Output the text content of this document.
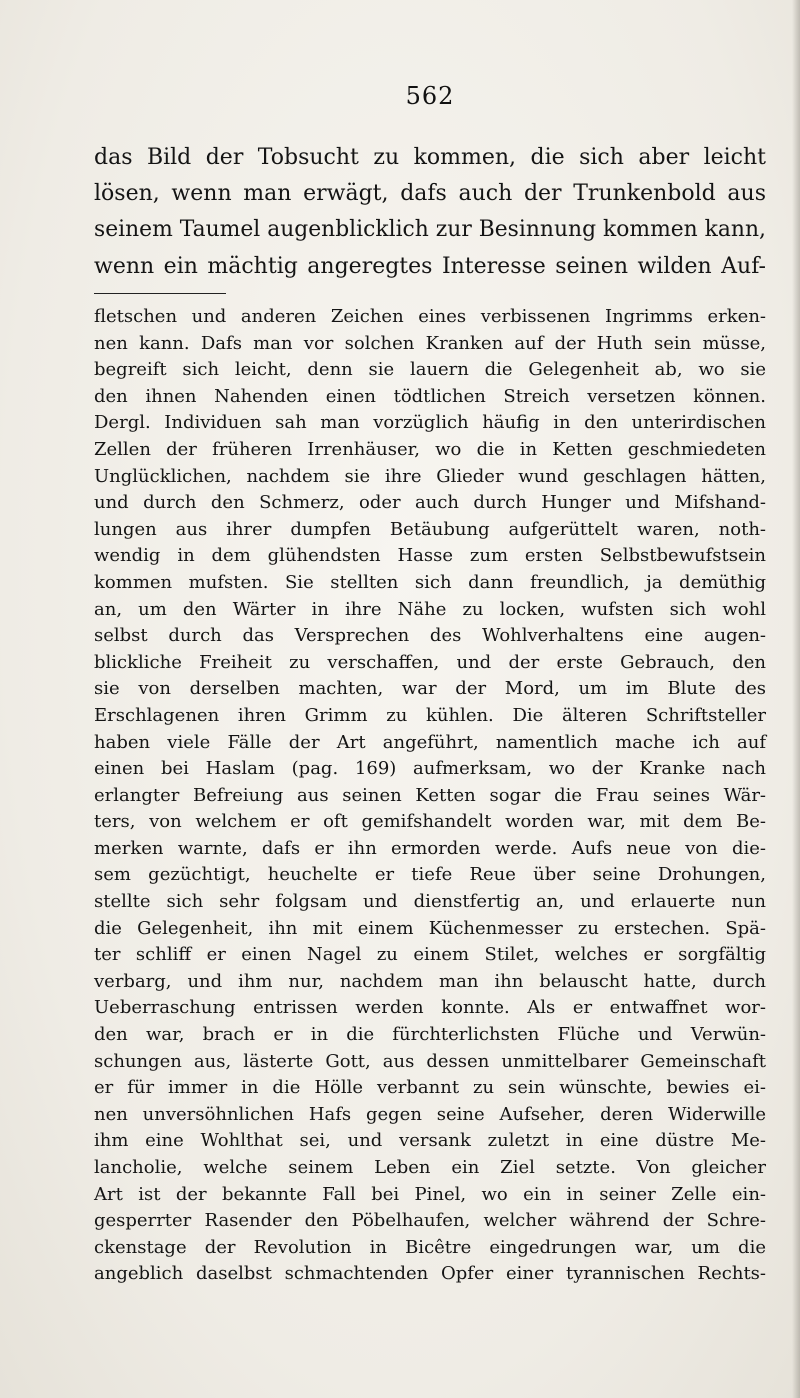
562
das Bild der Tobsucht zu kommen, die sich aber leicht
lösen, wenn man erwägt, dafs auch der Trunkenbold aus
seinem Taumel augenblicklich zur Besinnung kommen kann,
wenn ein mächtig angeregtes Interesse seinen wilden Auf-
fletschen und anderen Zeichen eines verbissenen Ingrimms erken-
nen kann. Dafs man vor solchen Kranken auf der Huth sein müsse,
begreift sich leicht, denn sie lauern die Gelegenheit ab, wo sie
den ihnen Nahenden einen tödtlichen Streich versetzen können.
Dergl. Individuen sah man vorzüglich häufig in den unterirdischen
Zellen der früheren Irrenhäuser, wo die in Ketten geschmiedeten
Unglücklichen, nachdem sie ihre Glieder wund geschlagen hätten,
und durch den Schmerz, oder auch durch Hunger und Mifshand-
lungen aus ihrer dumpfen Betäubung aufgerüttelt waren, noth-
wendig in dem glühendsten Hasse zum ersten Selbstbewufstsein
kommen mufsten. Sie stellten sich dann freundlich, ja demüthig
an, um den Wärter in ihre Nähe zu locken, wufsten sich wohl
selbst durch das Versprechen des Wohlverhaltens eine augen-
blickliche Freiheit zu verschaffen, und der erste Gebrauch, den
sie von derselben machten, war der Mord, um im Blute des
Erschlagenen ihren Grimm zu kühlen. Die älteren Schriftsteller
haben viele Fälle der Art angeführt, namentlich mache ich auf
einen bei Haslam (pag. 169) aufmerksam, wo der Kranke nach
erlangter Befreiung aus seinen Ketten sogar die Frau seines Wär-
ters, von welchem er oft gemifshandelt worden war, mit dem Be-
merken warnte, dafs er ihn ermorden werde. Aufs neue von die-
sem gezüchtigt, heuchelte er tiefe Reue über seine Drohungen,
stellte sich sehr folgsam und dienstfertig an, und erlauerte nun
die Gelegenheit, ihn mit einem Küchenmesser zu erstechen. Spä-
ter schliff er einen Nagel zu einem Stilet, welches er sorgfältig
verbarg, und ihm nur, nachdem man ihn belauscht hatte, durch
Ueberraschung entrissen werden konnte. Als er entwaffnet wor-
den war, brach er in die fürchterlichsten Flüche und Verwün-
schungen aus, lästerte Gott, aus dessen unmittelbarer Gemeinschaft
er für immer in die Hölle verbannt zu sein wünschte, bewies ei-
nen unversöhnlichen Hafs gegen seine Aufseher, deren Widerwille
ihm eine Wohlthat sei, und versank zuletzt in eine düstre Me-
lancholie, welche seinem Leben ein Ziel setzte. Von gleicher
Art ist der bekannte Fall bei Pinel, wo ein in seiner Zelle ein-
gesperrter Rasender den Pöbelhaufen, welcher während der Schre-
ckenstage der Revolution in Bicêtre eingedrungen war, um die
angeblich daselbst schmachtenden Opfer einer tyrannischen Rechts-
